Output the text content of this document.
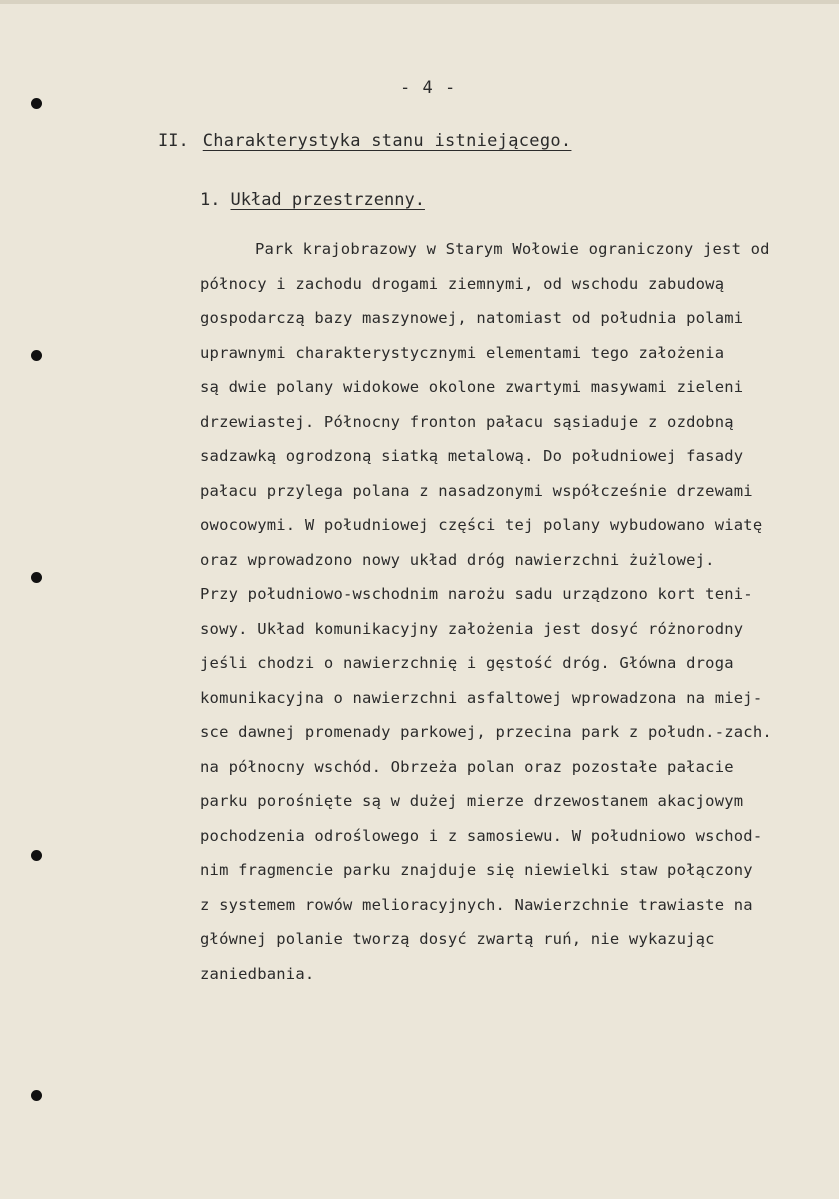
- 4 -
II. Charakterystyka stanu istniejącego.
1. Układ przestrzenny.
Park krajobrazowy w Starym Wołowie ograniczony jest od
północy i zachodu drogami ziemnymi, od wschodu zabudową
gospodarczą bazy maszynowej, natomiast od południa polami
uprawnymi charakterystycznymi elementami tego założenia
są dwie polany widokowe okolone zwartymi masywami zieleni
drzewiastej. Północny fronton pałacu sąsiaduje z ozdobną
sadzawką ogrodzoną siatką metalową. Do południowej fasady
pałacu przylega polana z nasadzonymi współcześnie drzewami
owocowymi. W południowej części tej polany wybudowano wiatę
oraz wprowadzono nowy układ dróg nawierzchni żużlowej.
Przy południowo-wschodnim narożu sadu urządzono kort teni-
sowy. Układ komunikacyjny założenia jest dosyć różnorodny
jeśli chodzi o nawierzchnię i gęstość dróg. Główna droga
komunikacyjna o nawierzchni asfaltowej wprowadzona na miej-
sce dawnej promenady parkowej, przecina park z połudn.-zach.
na północny wschód. Obrzeża polan oraz pozostałe pałacie
parku porośnięte są w dużej mierze drzewostanem akacjowym
pochodzenia odroślowego i z samosiewu. W południowo wschod-
nim fragmencie parku znajduje się niewielki staw połączony
z systemem rowów melioracyjnych. Nawierzchnie trawiaste na
głównej polanie tworzą dosyć zwartą ruń, nie wykazując
zaniedbania.
